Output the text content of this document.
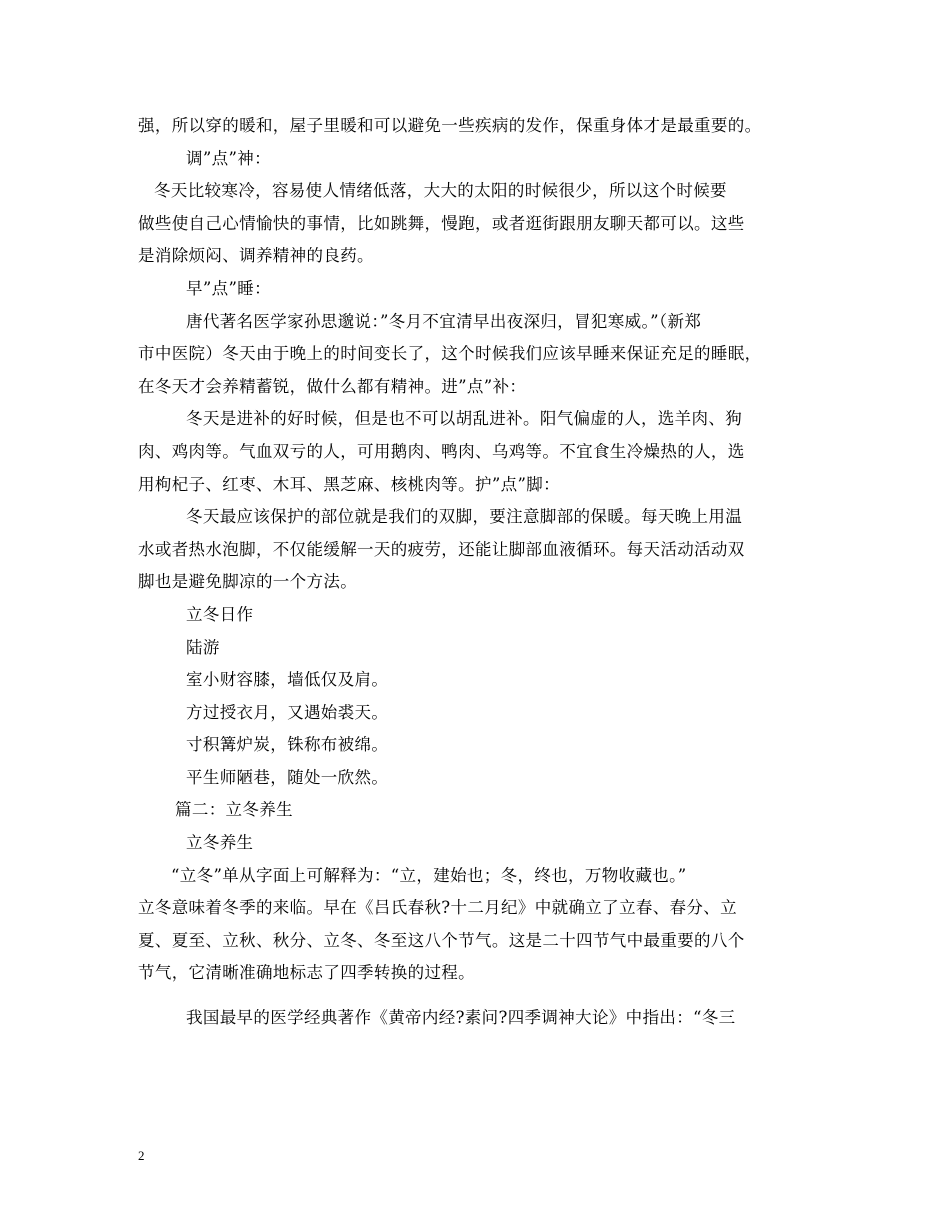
强，所以穿的暖和，屋子里暖和可以避免一些疾病的发作，保重身体才是最重要的。
调”点”神：
冬天比较寒冷，容易使人情绪低落，大大的太阳的时候很少，所以这个时候要
做些使自己心情愉快的事情，比如跳舞，慢跑，或者逛街跟朋友聊天都可以。这些
是消除烦闷、调养精神的良药。
早”点”睡：
唐代著名医学家孙思邈说：”冬月不宜清早出夜深归，冒犯寒威。”（新郑
市中医院）冬天由于晚上的时间变长了，这个时候我们应该早睡来保证充足的睡眠，
在冬天才会养精蓄锐，做什么都有精神。进”点”补：
冬天是进补的好时候，但是也不可以胡乱进补。阳气偏虚的人，选羊肉、狗
肉、鸡肉等。气血双亏的人，可用鹅肉、鸭肉、乌鸡等。不宜食生冷燥热的人，选
用枸杞子、红枣、木耳、黑芝麻、核桃肉等。护”点”脚：
冬天最应该保护的部位就是我们的双脚，要注意脚部的保暖。每天晚上用温
水或者热水泡脚，不仅能缓解一天的疲劳，还能让脚部血液循环。每天活动活动双
脚也是避免脚凉的一个方法。
立冬日作
陆游
室小财容膝，墙低仅及肩。
方过授衣月，又遇始裘天。
寸积篝炉炭，铢称布被绵。
平生师陋巷，随处一欣然。
篇二：立冬养生
立冬养生
“立冬”单从字面上可解释为：“立，建始也；冬，终也，万物收藏也。”
立冬意味着冬季的来临。早在《吕氏春秋?十二月纪》中就确立了立春、春分、立
夏、夏至、立秋、秋分、立冬、冬至这八个节气。这是二十四节气中最重要的八个
节气，它清晰准确地标志了四季转换的过程。
我国最早的医学经典著作《黄帝内经?素问?四季调神大论》中指出：“冬三
2
